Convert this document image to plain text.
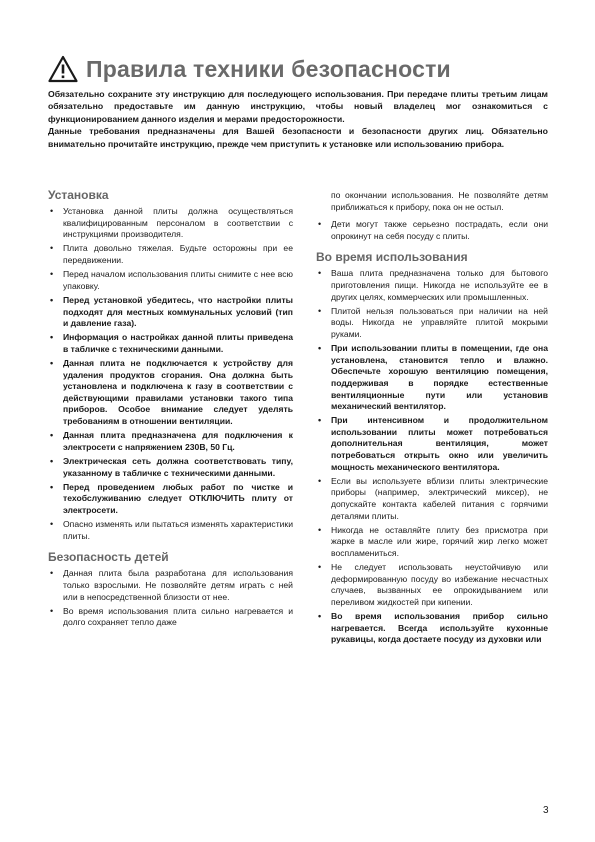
Правила техники безопасности

Обязательно сохраните эту инструкцию для последующего использования. При передаче плиты третьим лицам обязательно предоставьте им данную инструкцию, чтобы новый владелец мог ознакомиться с функционированием данного изделия и мерами предосторожности.

Данные требования предназначены для Вашей безопасности и безопасности других лиц. Обязательно внимательно прочитайте инструкцию, прежде чем приступить к установке или использованию прибора.

Установка
• Установка данной плиты должна осуществляться квалифицированным персоналом в соответствии с инструкциями производителя.
• Плита довольно тяжелая. Будьте осторожны при ее передвижении.
• Перед началом использования плиты снимите с нее всю упаковку.
• Перед установкой убедитесь, что настройки плиты подходят для местных коммунальных условий (тип и давление газа).
• Информация о настройках данной плиты приведена в табличке с техническими данными.
• Данная плита не подключается к устройству для удаления продуктов сгорания. Она должна быть установлена и подключена к газу в соответствии с действующими правилами установки такого типа приборов. Особое внимание следует уделять требованиям в отношении вентиляции.
• Данная плита предназначена для подключения к электросети с напряжением 230В, 50 Гц.
• Электрическая сеть должна соответствовать типу, указанному в табличке с техническими данными.
• Перед проведением любых работ по чистке и техобслуживанию следует ОТКЛЮЧИТЬ плиту от электросети.
• Опасно изменять или пытаться изменять характеристики плиты.
Безопасность детей
• Данная плита была разработана для использования только взрослыми. Не позволяйте детям играть с ней или в непосредственной близости от нее.
• Во время использования плита сильно нагревается и долго сохраняет тепло даже
по окончании использования. Не позволяйте детям приближаться к прибору, пока он не остыл.
• Дети могут также серьезно пострадать, если они опрокинут на себя посуду с плиты.
Во время использования
• Ваша плита предназначена только для бытового приготовления пищи. Никогда не используйте ее в других целях, коммерческих или промышленных.
• Плитой нельзя пользоваться при наличии на ней воды. Никогда не управляйте плитой мокрыми руками.
• При использовании плиты в помещении, где она установлена, становится тепло и влажно. Обеспечьте хорошую вентиляцию помещения, поддерживая в порядке естественные вентиляционные пути или установив механический вентилятор.
• При интенсивном и продолжительном использовании плиты может потребоваться дополнительная вентиляция, может потребоваться открыть окно или увеличить мощность механического вентилятора.
• Если вы используете вблизи плиты электрические приборы (например, электрический миксер), не допускайте контакта кабелей питания с горячими деталями плиты.
• Никогда не оставляйте плиту без присмотра при жарке в масле или жире, горячий жир легко может воспламениться.
• Не следует использовать неустойчивую или деформированную посуду во избежание несчастных случаев, вызванных ее опрокидыванием или переливом жидкостей при кипении.
• Во время использования прибор сильно нагревается. Всегда используйте кухонные рукавицы, когда достаете посуду из духовки или
3
